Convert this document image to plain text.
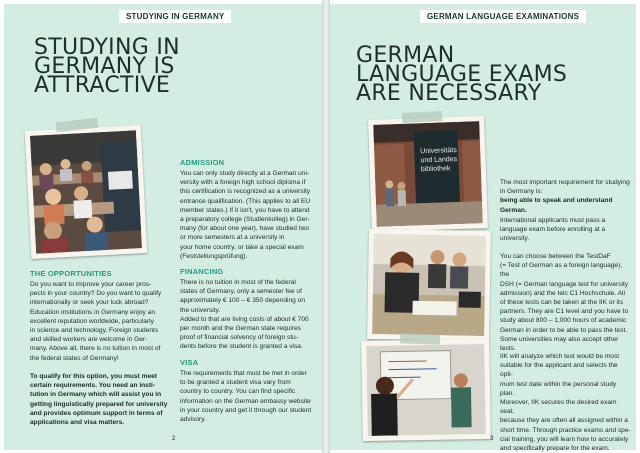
STUDYING IN GERMANY
STUDYING IN
GERMANY IS
ATTRACTIVE
THE OPPORTUNITIES

Do you want to improve your career pros-
pects in your country? Do you want to qualify
internationally or seek your luck abroad?
Education institutions in Germany enjoy an
excellent reputation worldwide, particularly
in science and technology. Foreign students
and skilled workers are welcome in Ger-
many. Above all, there is no tuition in most of
the federal states of Germany!

To qualify for this option, you must meet
certain requirements. You need an insti-
tution in Germany which will assist you in
getting linguistically prepared for university
and provides optimum support in terms of
applications and visa matters.

ADMISSION

You can only study directly at a German uni-
versity with a foreign high school diploma if
this certification is recognized as a university
entrance qualification. (This applies to all EU
member states.) If it isn't, you have to attend
a preparatory college (Studienkolleg) in Ger-
many (for about one year), have studied two
or more semesters at a university in
your home country, or take a special exam
(Feststellungsprüfung).

FINANCING

There is no tuition in most of the federal
states of Germany, only a semester fee of
approximately € 100 – € 350 depending on
the university.
Added to that are living costs of about € 700
per month and the German state requires
proof of financial solvency of foreign stu-
dents before the student is granted a visa.

VISA

The requirements that must be met in order
to be granted a student visa vary from
country to country. You can find specific
information on the German embassy website
in your country and get it through our student
advisory.

2
GERMAN LANGUAGE EXAMINATIONS
GERMAN
LANGUAGE EXAMS
ARE NECESSARY
Universitäts
und Landes
bibliothek

The most important requirement for studying
in Germany is:
being able to speak and understand German.

International applicants must pass a
language exam before enrolling at a
university.

You can choose between the TestDaF
(= Test of German as a foreign language), the
DSH (= German language test for university
admission) and the telc C1 Hochschule. All
of these tests can be taken at the IIK or its
partners. They are C1 level and you have to
study about 800 – 1,000 hours of academic
German in order to be able to pass the test.
Some universities may also accept other
tests.

IIK will analyze which test would be most
suitable for the applicant and selects the opti-
mum test date within the personal study plan.
Moreover, IIK secures the desired exam seat,
because they are often all assigned within a
short time. Through practice exams and spe-
cial training, you will learn how to accurately
and specifically prepare for the exam.

3
